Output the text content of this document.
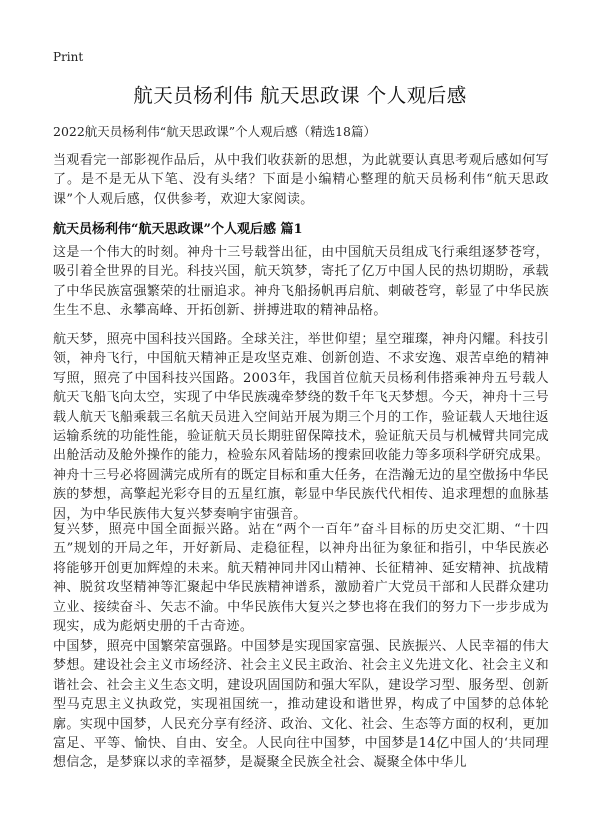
Print
航天员杨利伟 航天思政课 个人观后感
2022航天员杨利伟“航天思政课”个人观后感（精选18篇）

当观看完一部影视作品后，从中我们收获新的思想，为此就要认真思考观后感如何写了。是不是无从下笔、没有头绪？下面是小编精心整理的航天员杨利伟“航天思政课”个人观后感，仅供参考，欢迎大家阅读。

航天员杨利伟“航天思政课”个人观后感 篇1

这是一个伟大的时刻。神舟十三号载誉出征，由中国航天员组成飞行乘组逐梦苍穹，吸引着全世界的目光。科技兴国，航天筑梦，寄托了亿万中国人民的热切期盼，承载了中华民族富强繁荣的壮丽追求。神舟飞船扬帆再启航、刺破苍穹，彰显了中华民族生生不息、永攀高峰、开拓创新、拼搏进取的精神品格。

航天梦，照亮中国科技兴国路。全球关注，举世仰望；星空璀璨，神舟闪耀。科技引领，神舟飞行，中国航天精神正是攻坚克难、创新创造、不求安逸、艰苦卓绝的精神写照，照亮了中国科技兴国路。2003年，我国首位航天员杨利伟搭乘神舟五号载人航天飞船飞向太空，实现了中华民族魂牵梦绕的数千年飞天梦想。今天，神舟十三号载人航天飞船乘载三名航天员进入空间站开展为期三个月的工作，验证载人天地往返运输系统的功能性能，验证航天员长期驻留保障技术，验证航天员与机械臂共同完成出舱活动及舱外操作的能力，检验东风着陆场的搜索回收能力等多项科学研究成果。神舟十三号必将圆满完成所有的既定目标和重大任务，在浩瀚无边的星空傲扬中华民族的梦想，高擎起光彩夺目的五星红旗，彰显中华民族代代相传、追求理想的血脉基因，为中华民族伟大复兴梦奏响宇宙强音。

复兴梦，照亮中国全面振兴路。站在“两个一百年”奋斗目标的历史交汇期、“十四五”规划的开局之年，开好新局、走稳征程，以神舟出征为象征和指引，中华民族必将能够开创更加辉煌的未来。航天精神同井冈山精神、长征精神、延安精神、抗战精神、脱贫攻坚精神等汇聚起中华民族精神谱系，激励着广大党员干部和人民群众建功立业、接续奋斗、矢志不渝。中华民族伟大复兴之梦也将在我们的努力下一步步成为现实，成为彪炳史册的千古奇迹。

中国梦，照亮中国繁荣富强路。中国梦是实现国家富强、民族振兴、人民幸福的伟大梦想。建设社会主义市场经济、社会主义民主政治、社会主义先进文化、社会主义和谐社会、社会主义生态文明，建设巩固国防和强大军队，建设学习型、服务型、创新型马克思主义执政党，实现祖国统一，推动建设和谐世界，构成了中国梦的总体轮廓。实现中国梦，人民充分享有经济、政治、文化、社会、生态等方面的权利，更加富足、平等、愉快、自由、安全。人民向往中国梦，中国梦是14亿中国人的‘共同理想信念，是梦寐以求的幸福梦，是凝聚全民族全社会、凝聚全体中华儿
